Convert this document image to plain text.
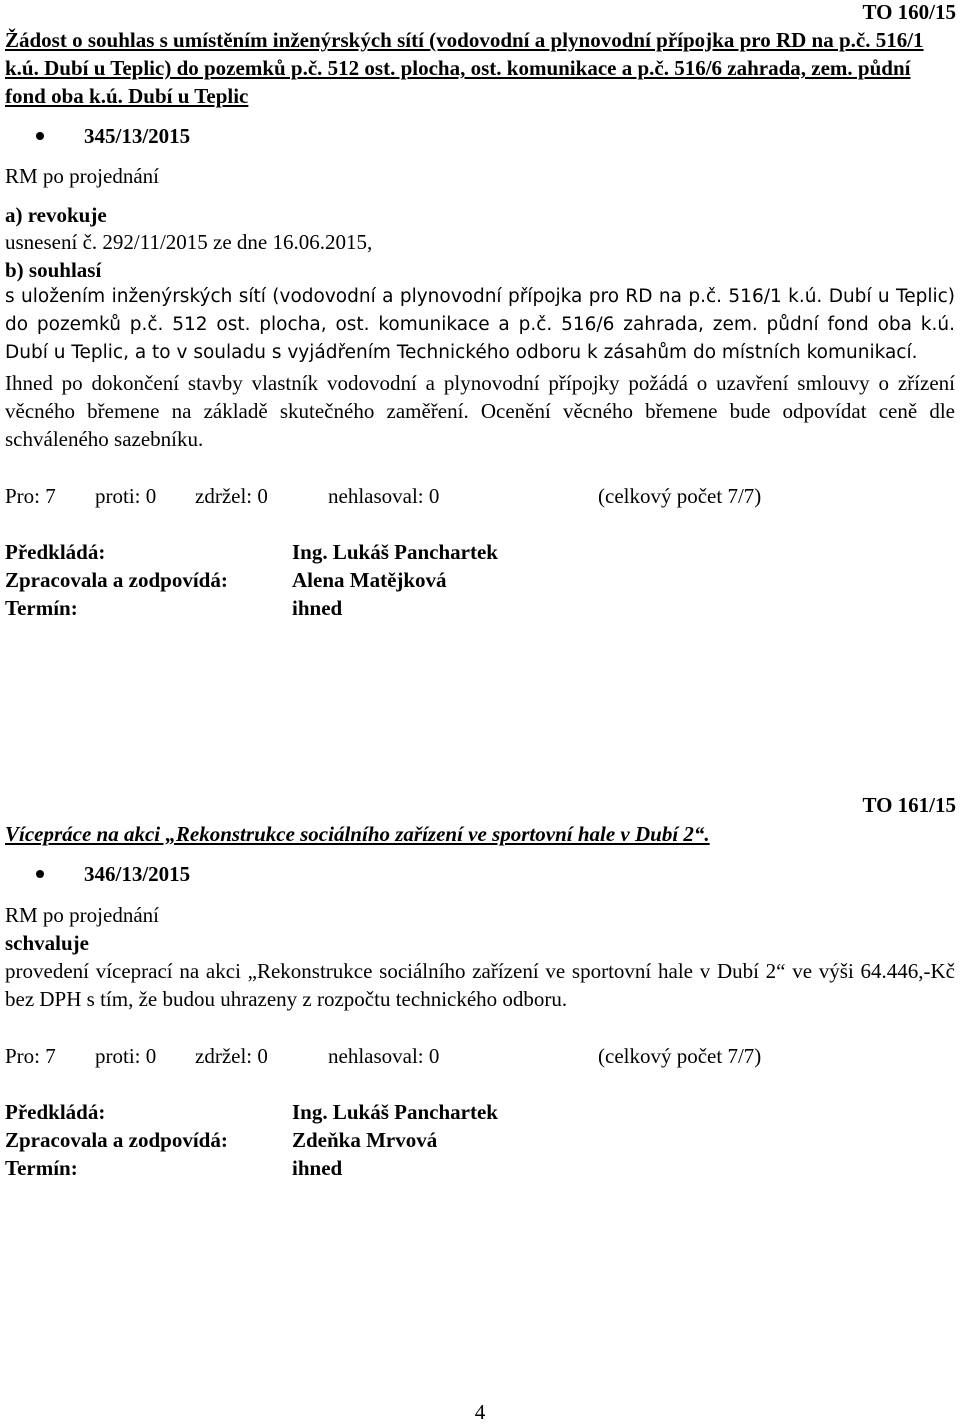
TO 160/15
Žádost o souhlas s umístěním inženýrských sítí (vodovodní a plynovodní přípojka pro RD na p.č. 516/1 k.ú. Dubí u Teplic) do pozemků p.č. 512 ost. plocha, ost. komunikace a p.č. 516/6 zahrada, zem. půdní fond oba k.ú. Dubí u Teplic
345/13/2015
RM po projednání
a) revokuje
usnesení č. 292/11/2015 ze dne 16.06.2015,
b) souhlasí
s uložením inženýrských sítí (vodovodní a plynovodní přípojka pro RD na p.č. 516/1 k.ú. Dubí u Teplic) do pozemků p.č. 512 ost. plocha, ost. komunikace a p.č. 516/6 zahrada, zem. půdní fond oba k.ú. Dubí u Teplic, a to v souladu s vyjádřením Technického odboru k zásahům do místních komunikací.
Ihned po dokončení stavby vlastník vodovodní a plynovodní přípojky požádá o uzavření smlouvy o zřízení věcného břemene na základě skutečného zaměření. Ocenění věcného břemene bude odpovídat ceně dle schváleného sazebníku.
Pro: 7 proti: 0 zdržel: 0	nehlasoval: 0	(celkový počet 7/7)
Předkládá:	Ing. Lukáš Panchartek
Zpracovala a zodpovídá:	Alena Matějková
Termín:	ihned
TO 161/15
Vícepráce na akci „Rekonstrukce sociálního zařízení ve sportovní hale v Dubí 2“.
346/13/2015
RM po projednání
schvaluje
provedení víceprací na akci „Rekonstrukce sociálního zařízení ve sportovní hale v Dubí 2“ ve výši 64.446,-Kč bez DPH s tím, že budou uhrazeny z rozpočtu technického odboru.
Pro: 7 proti: 0 zdržel: 0	nehlasoval: 0	(celkový počet 7/7)
Předkládá:	Ing. Lukáš Panchartek
Zpracovala a zodpovídá:	Zdeňka Mrvová
Termín:	ihned
4
